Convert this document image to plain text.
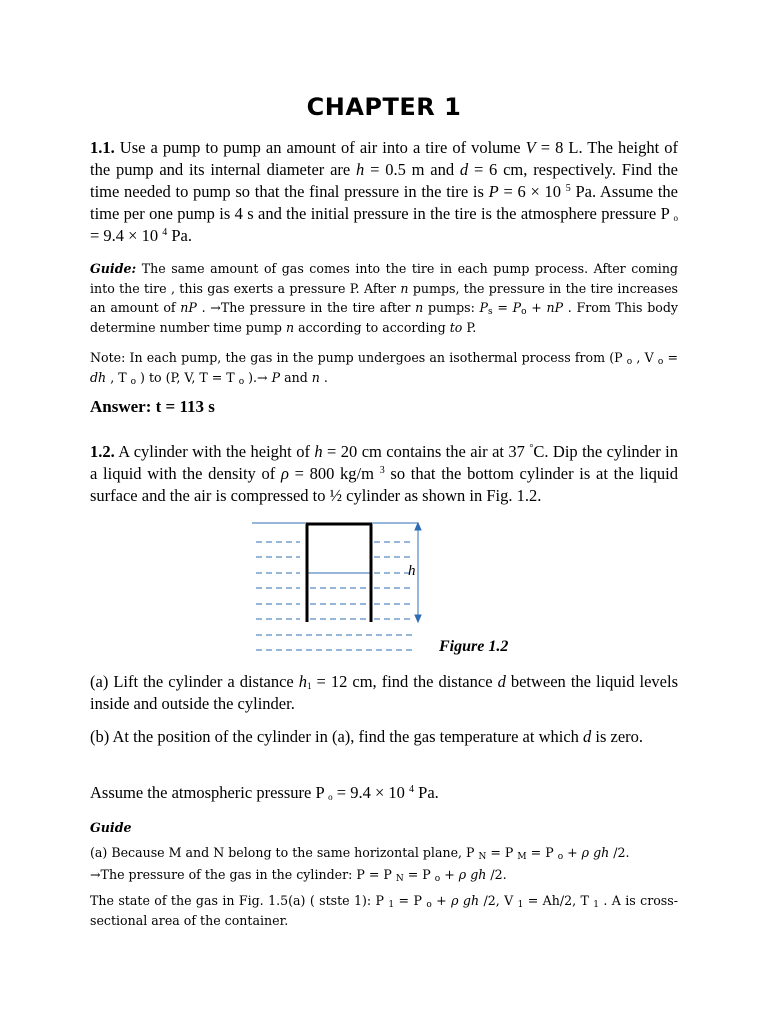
CHAPTER 1
1.1. Use a pump to pump an amount of air into a tire of volume V = 8 L. The height of the pump and its internal diameter are h = 0.5 m and d = 6 cm, respectively. Find the time needed to pump so that the final pressure in the tire is P = 6 × 10 $^5$ Pa. Assume the time per one pump is 4 s and the initial pressure in the tire is the atmosphere pressure P $_o$ = 9.4 × 10 $^4$ Pa.
Guide: The same amount of gas comes into the tire in each pump process. After coming into the tire , this gas exerts a pressure P. After n pumps, the pressure in the tire increases an amount of nP . →The pressure in the tire after n pumps: $P_s = P_o$ + nP . From This body determine number time pump n according to according to P.
Note: In each pump, the gas in the pump undergoes an isothermal process from (P $_o$ , V $_o$ = dh , T $_o$ ) to (P, V, T = T $_o$ ).→ P and n .
Answer: t = 113 s
1.2. A cylinder with the height of h = 20 cm contains the air at 37 °C. Dip the cylinder in a liquid with the density of ρ = 800 kg/m $^3$ so that the bottom cylinder is at the liquid surface and the air is compressed to ½ cylinder as shown in Fig. 1.2.
h
Figure 1.2
(a) Lift the cylinder a distance $h_1 = 12$ cm, find the distance d between the liquid levels inside and outside the cylinder.
(b) At the position of the cylinder in (a), find the gas temperature at which d is zero.
Assume the atmospheric pressure P $_o$ = 9.4 × 10 $^4$ Pa.
Guide
(a) Because M and N belong to the same horizontal plane, P $_N$ = P $_M$ = P $_o$ + ρ gh /2.
→The pressure of the gas in the cylinder: P = P $_N$ = P $_o$ + ρ gh /2.
The state of the gas in Fig. 1.5(a) ( stste 1): P $_1$ = P $_o$ + ρ gh /2, V $_1$ = Ah/2, T $_1$ . A is cross-sectional area of the container.
